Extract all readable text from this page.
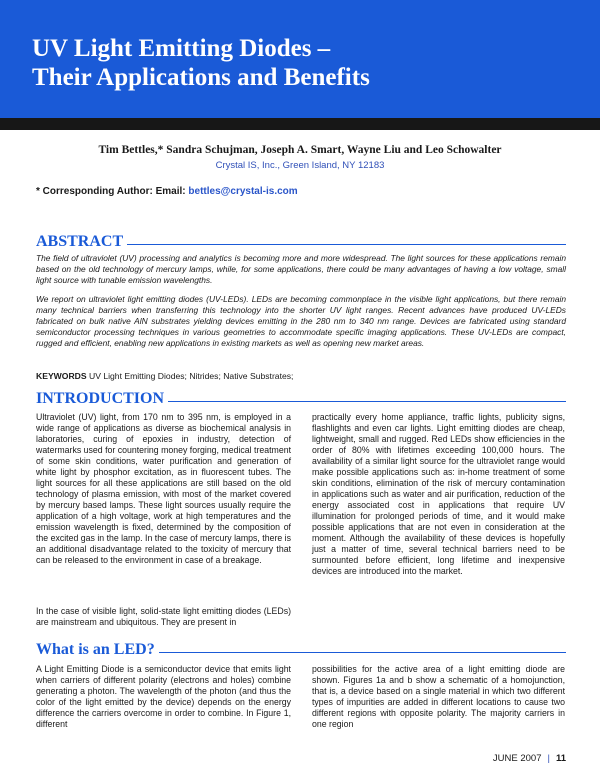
UV Light Emitting Diodes –
Their Applications and Benefits
Tim Bettles,* Sandra Schujman, Joseph A. Smart, Wayne Liu and Leo Schowalter
Crystal IS, Inc., Green Island, NY 12183
* Corresponding Author: Email: bettles@crystal-is.com
ABSTRACT

The field of ultraviolet (UV) processing and analytics is becoming more and more widespread. The light sources for these applications remain based on the old technology of mercury lamps, while, for some applications, there could be many advantages of having a low voltage, small light source with tunable emission wavelengths.

We report on ultraviolet light emitting diodes (UV-LEDs). LEDs are becoming commonplace in the visible light applications, but there remain many technical barriers when transferring this technology into the shorter UV light ranges. Recent advances have produced UV-LEDs fabricated on bulk native AlN substrates yielding devices emitting in the 280 nm to 340 nm range. Devices are fabricated using standard semiconductor processing techniques in various geometries to accommodate specific imaging applications. These UV-LEDs are compact, rugged and efficient, enabling new applications in existing markets as well as opening new market areas.

KEYWORDS UV Light Emitting Diodes; Nitrides; Native Substrates;
INTRODUCTION

Ultraviolet (UV) light, from 170 nm to 395 nm, is employed in a wide range of applications as diverse as biochemical analysis in laboratories, curing of epoxies in industry, detection of watermarks used for countering money forging, medical treatment of some skin conditions, water purification and generation of white light by phosphor excitation, as in fluorescent tubes. The light sources for all these applications are still based on the old technology of plasma emission, with most of the market covered by mercury based lamps. These light sources usually require the application of a high voltage, work at high temperatures and the emission wavelength is fixed, determined by the composition of the excited gas in the lamp. In the case of mercury lamps, there is an additional disadvantage related to the toxicity of mercury that can be released to the environment in case of a breakage.

In the case of visible light, solid-state light emitting diodes (LEDs) are mainstream and ubiquitous. They are present in

practically every home appliance, traffic lights, publicity signs, flashlights and even car lights. Light emitting diodes are cheap, lightweight, small and rugged. Red LEDs show efficiencies in the order of 80% with lifetimes exceeding 100,000 hours. The availability of a similar light source for the ultraviolet range would make possible applications such as: in-home treatment of some skin conditions, elimination of the risk of mercury contamination in applications such as water and air purification, reduction of the energy associated cost in applications that require UV illumination for prolonged periods of time, and it would make possible applications that are not even in consideration at the moment. Although the availability of these devices is hopefully just a matter of time, several technical barriers need to be surmounted before efficient, long lifetime and inexpensive devices are introduced into the market.

What is an LED?

A Light Emitting Diode is a semiconductor device that emits light when carriers of different polarity (electrons and holes) combine generating a photon. The wavelength of the photon (and thus the color of the light emitted by the device) depends on the energy difference the carriers overcome in order to combine. In Figure 1, different

possibilities for the active area of a light emitting diode are shown. Figures 1a and b show a schematic of a homojunction, that is, a device based on a single material in which two different types of impurities are added in different locations to cause two different regions with opposite polarity. The majority carriers in one region

JUNE 2007 | 11
